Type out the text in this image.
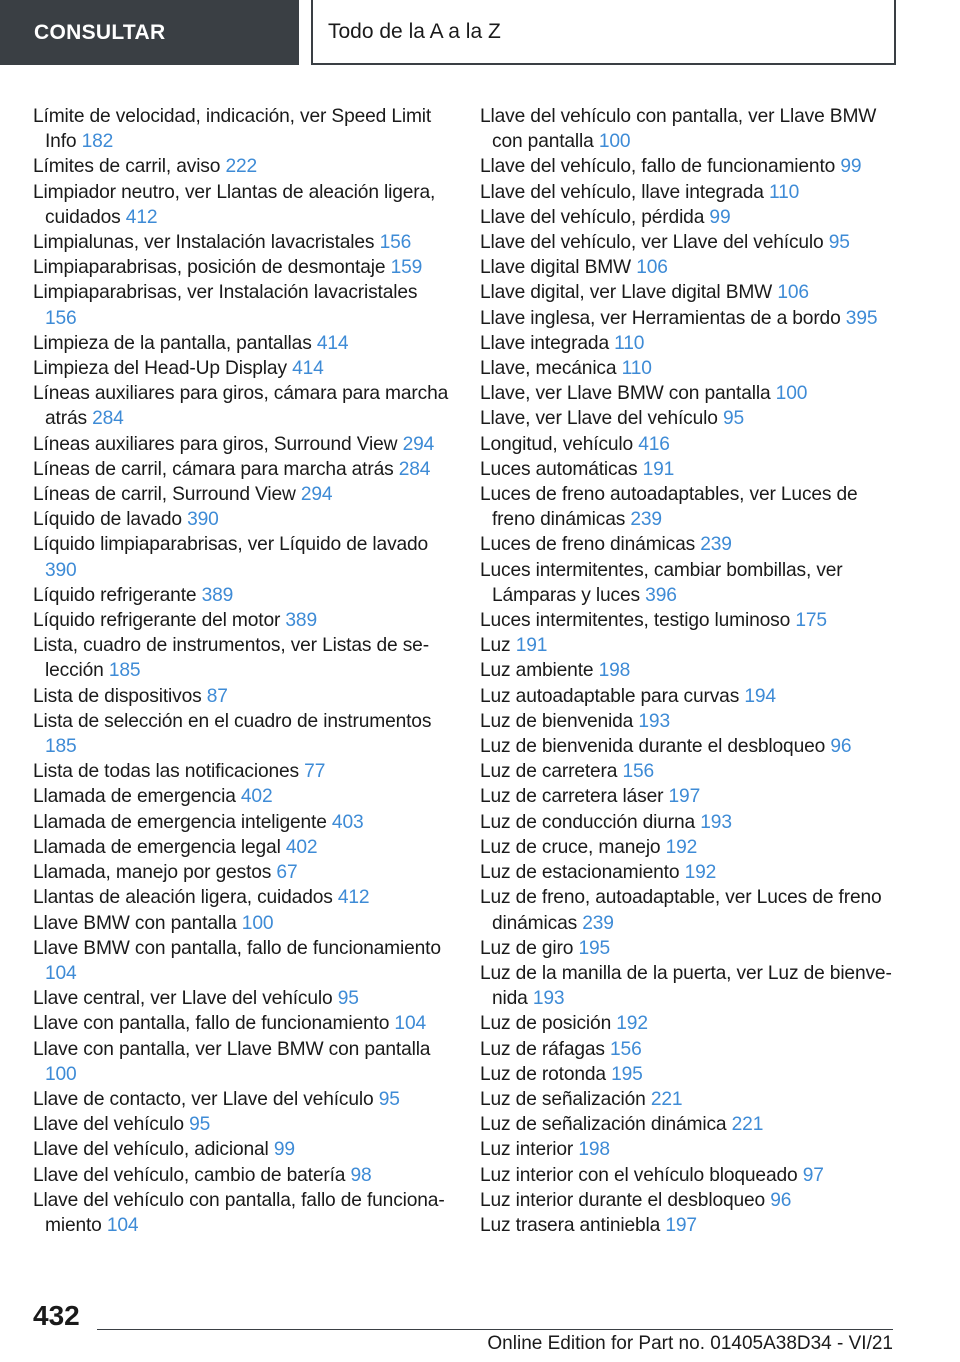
CONSULTAR	Todo de la A a la Z
Límite de velocidad, indicación, ver Speed Limit Info 182
Límites de carril, aviso 222
Limpiador neutro, ver Llantas de aleación ligera, cuidados 412
Limpialunas, ver Instalación lavacristales 156
Limpiaparabrisas, posición de desmontaje 159
Limpiaparabrisas, ver Instalación lavacristales 156
Limpieza de la pantalla, pantallas 414
Limpieza del Head-Up Display 414
Líneas auxiliares para giros, cámara para marcha atrás 284
Líneas auxiliares para giros, Surround View 294
Líneas de carril, cámara para marcha atrás 284
Líneas de carril, Surround View 294
Líquido de lavado 390
Líquido limpiaparabrisas, ver Líquido de lavado 390
Líquido refrigerante 389
Líquido refrigerante del motor 389
Lista, cuadro de instrumentos, ver Listas de selección 185
Lista de dispositivos 87
Lista de selección en el cuadro de instrumentos 185
Lista de todas las notificaciones 77
Llamada de emergencia 402
Llamada de emergencia inteligente 403
Llamada de emergencia legal 402
Llamada, manejo por gestos 67
Llantas de aleación ligera, cuidados 412
Llave BMW con pantalla 100
Llave BMW con pantalla, fallo de funcionamiento 104
Llave central, ver Llave del vehículo 95
Llave con pantalla, fallo de funcionamiento 104
Llave con pantalla, ver Llave BMW con pantalla 100
Llave de contacto, ver Llave del vehículo 95
Llave del vehículo 95
Llave del vehículo, adicional 99
Llave del vehículo, cambio de batería 98
Llave del vehículo con pantalla, fallo de funcionamiento 104
Llave del vehículo con pantalla, ver Llave BMW con pantalla 100
Llave del vehículo, fallo de funcionamiento 99
Llave del vehículo, llave integrada 110
Llave del vehículo, pérdida 99
Llave del vehículo, ver Llave del vehículo 95
Llave digital BMW 106
Llave digital, ver Llave digital BMW 106
Llave inglesa, ver Herramientas de a bordo 395
Llave integrada 110
Llave, mecánica 110
Llave, ver Llave BMW con pantalla 100
Llave, ver Llave del vehículo 95
Longitud, vehículo 416
Luces automáticas 191
Luces de freno autoadaptables, ver Luces de freno dinámicas 239
Luces de freno dinámicas 239
Luces intermitentes, cambiar bombillas, ver Lámparas y luces 396
Luces intermitentes, testigo luminoso 175
Luz 191
Luz ambiente 198
Luz autoadaptable para curvas 194
Luz de bienvenida 193
Luz de bienvenida durante el desbloqueo 96
Luz de carretera 156
Luz de carretera láser 197
Luz de conducción diurna 193
Luz de cruce, manejo 192
Luz de estacionamiento 192
Luz de freno, autoadaptable, ver Luces de freno dinámicas 239
Luz de giro 195
Luz de la manilla de la puerta, ver Luz de bienvenida 193
Luz de posición 192
Luz de ráfagas 156
Luz de rotonda 195
Luz de señalización 221
Luz de señalización dinámica 221
Luz interior 198
Luz interior con el vehículo bloqueado 97
Luz interior durante el desbloqueo 96
Luz trasera antiniebla 197
432
Online Edition for Part no. 01405A38D34 - VI/21
